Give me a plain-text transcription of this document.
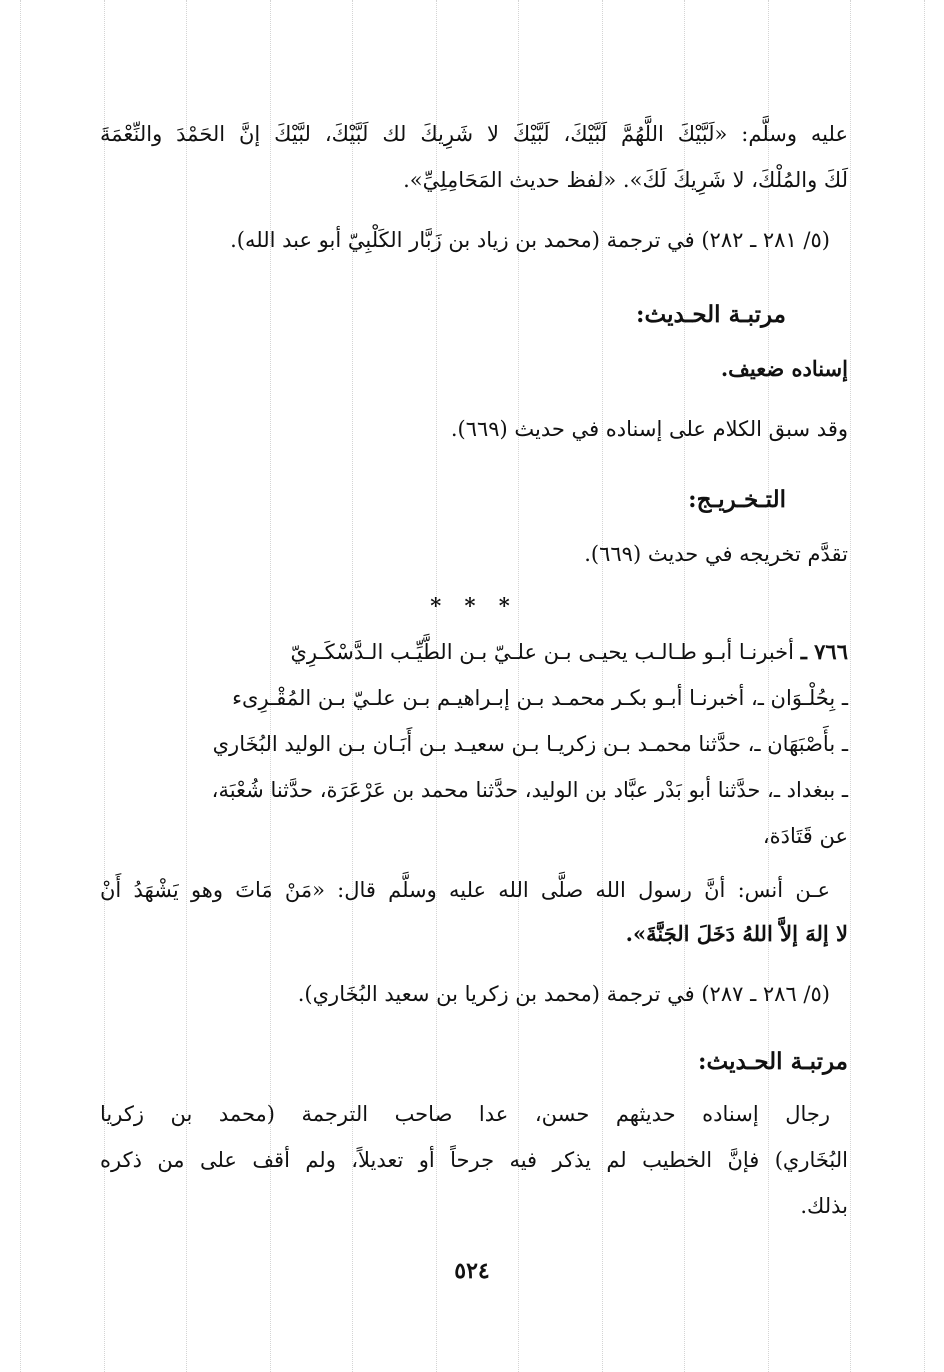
عليه وسلَّم: «لَبَّيْكَ اللَّهُمَّ لَبَّيْكَ، لَبَّيْكَ لا شَرِيكَ لك لَبَّيْكَ، لبَّيْكَ إنَّ الحَمْدَ والنِّعْمَةَ
لَكَ والمُلْكَ، لا شَرِيكَ لَكَ». «لفظ حديث المَحَامِلِيِّ».
(٥/ ٢٨١ ـ ٢٨٢) في ترجمة (محمد بن زياد بن زَبَّار الكَلْبِيّ أبو عبد الله).
مرتبـة الحـديث:
إسناده ضعيف.
وقد سبق الكلام على إسناده في حديث (٦٦٩).
التـخـريـج:
تقدَّم تخريجه في حديث (٦٦٩).
* * *
٧٦٦ ـ أخبرنـا أبـو طـالـب يحيـى بـن علـيّ بـن الطَّيِّـب الـدَّسْكَـرِيّ
ـ بِحُلْـوَان ـ، أخبرنـا أبـو بكـر محمـد بـن إبـراهيـم بـن علـيّ بـن المُقْـرِىء
ـ بأَصْبَهَان ـ، حدَّثنا محمـد بـن زكريـا بـن سعيـد بـن أَبَـان بـن الوليد البُخَاري
ـ ببغداد ـ، حدَّثنا أبو بَدْر عبَّاد بن الوليد، حدَّثنا محمد بن عَرْعَرَة، حدَّثنا شُعْبَة،
عن قَتَادَة،
عـن أنس: أنَّ رسول الله صلَّى الله عليه وسلَّم قال: «مَنْ مَاتَ وهو يَشْهَدُ أَنْ
لا إلهَ إلاَّ اللهُ دَخَلَ الجَنَّةَ».
(٥/ ٢٨٦ ـ ٢٨٧) في ترجمة (محمد بن زكريا بن سعيد البُخَاري).
مرتبـة الحـديث:
رجال إسناده حديثهم حسن، عدا صاحب الترجمة (محمد بن زكريا
البُخَاري) فإنَّ الخطيب لم يذكر فيه جرحاً أو تعديلاً، ولم أقف على من ذكره
بذلك.
٥٢٤
